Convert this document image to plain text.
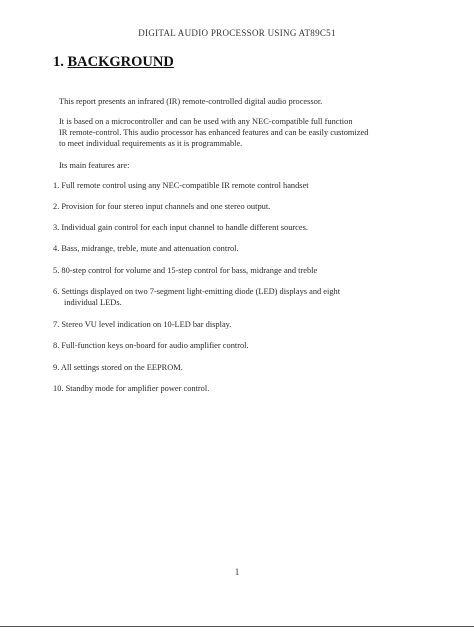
DIGITAL AUDIO PROCESSOR USING AT89C51
1. BACKGROUND

This report presents an infrared (IR) remote-controlled digital audio processor.

It is based on a microcontroller and can be used with any NEC-compatible full function
IR remote-control. This audio processor has enhanced features and can be easily customized
to meet individual requirements as it is programmable.

Its main features are:

1. Full remote control using any NEC-compatible IR remote control handset
2. Provision for four stereo input channels and one stereo output.
3. Individual gain control for each input channel to handle different sources.
4. Bass, midrange, treble, mute and attenuation control.
5. 80-step control for volume and 15-step control for bass, midrange and treble
6. Settings displayed on two 7-segment light-emitting diode (LED) displays and eight
individual LEDs.
7. Stereo VU level indication on 10-LED bar display.
8. Full-function keys on-board for audio amplifier control.
9. All settings stored on the EEPROM.
10. Standby mode for amplifier power control.
1
